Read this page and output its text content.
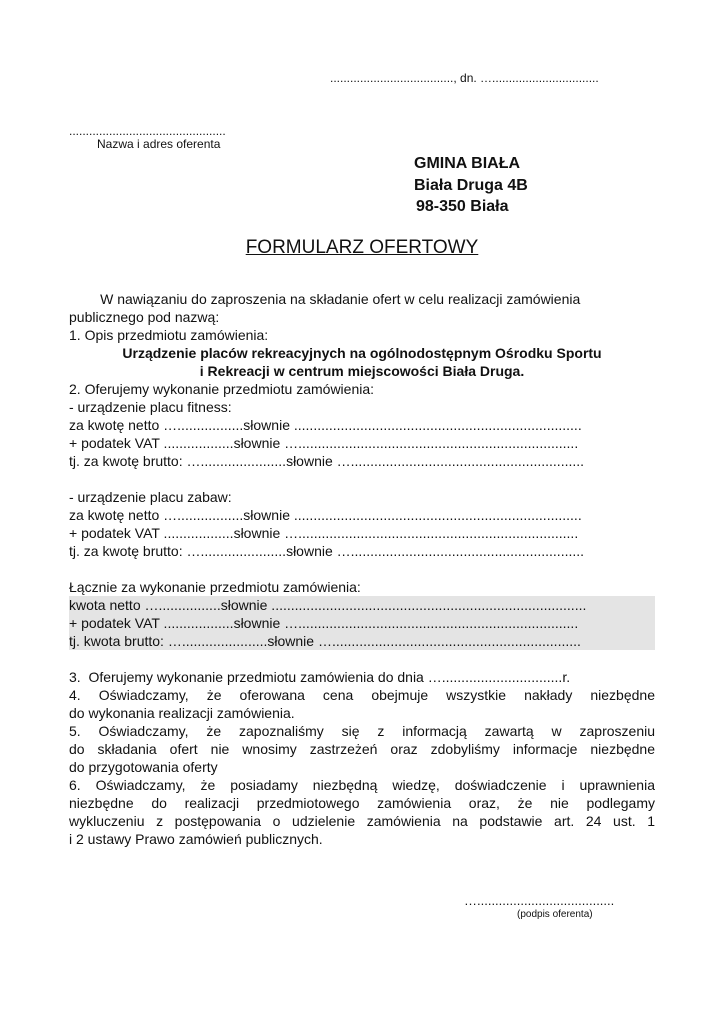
....................................., dn. …................................
...............................................
Nazwa i adres oferenta
GMINA BIAŁA
Biała Druga 4B
98-350 Biała
FORMULARZ OFERTOWY
W nawiązaniu do zaproszenia na składanie ofert w celu realizacji zamówienia
publicznego pod nazwą:
1. Opis przedmiotu zamówienia:
Urządzenie placów rekreacyjnych na ogólnodostępnym Ośrodku Sportu
i Rekreacji w centrum miejscowości Biała Druga.
2. Oferujemy wykonanie przedmiotu zamówienia:
- urządzenie placu fitness:
za kwotę netto ….................słownie ..........................................................................
+ podatek VAT ..................słownie …........................................................................
tj. za kwotę brutto: …......................słownie …............................................................
- urządzenie placu zabaw:
za kwotę netto ….................słownie ..........................................................................
+ podatek VAT ..................słownie …........................................................................
tj. za kwotę brutto: …......................słownie …............................................................
Łącznie za wykonanie przedmiotu zamówienia:
kwota netto …................słownie .................................................................................
+ podatek VAT ..................słownie …........................................................................
tj. kwota brutto: …......................słownie …................................................................
3.  Oferujemy wykonanie przedmiotu zamówienia do dnia …...............................r.
4. Oświadczamy, że oferowana cena obejmuje wszystkie nakłady niezbędne
do wykonania realizacji zamówienia.
5. Oświadczamy, że zapoznaliśmy się z informacją zawartą w zaproszeniu
do składania ofert nie wnosimy zastrzeżeń oraz zdobyliśmy informacje niezbędne
do przygotowania oferty
6. Oświadczamy, że posiadamy niezbędną wiedzę, doświadczenie i uprawnienia
niezbędne do realizacji przedmiotowego zamówienia oraz, że nie podlegamy
wykluczeniu z postępowania o udzielenie zamówienia na podstawie art. 24 ust. 1
i 2 ustawy Prawo zamówień publicznych.
…......................................
(podpis oferenta)
